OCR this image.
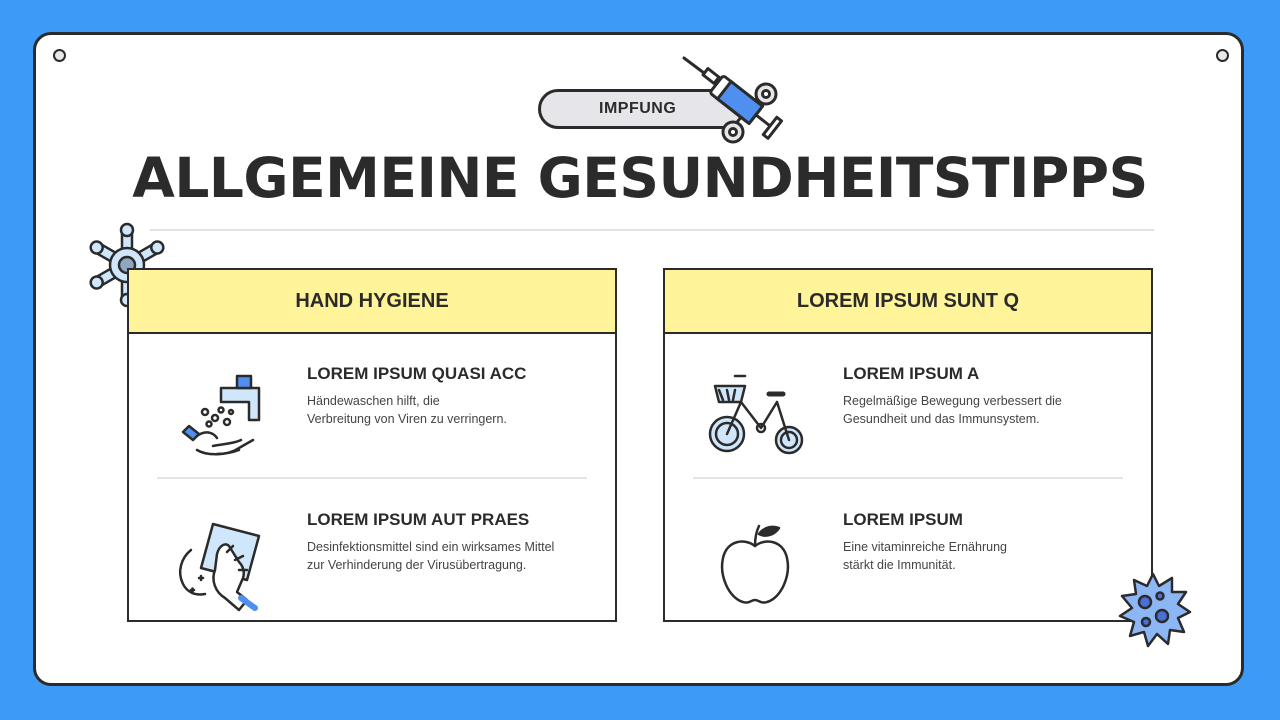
IMPFUNG
ALLGEMEINE GESUNDHEITSTIPPS
HAND HYGIENE
LOREM IPSUM QUASI ACC

Händewaschen hilft, die
Verbreitung von Viren zu verringern.

LOREM IPSUM AUT PRAES

Desinfektionsmittel sind ein wirksames Mittel
zur Verhinderung der Virusübertragung.

LOREM IPSUM SUNT Q
LOREM IPSUM A

Regelmäßige Bewegung verbessert die
Gesundheit und das Immunsystem.

LOREM IPSUM

Eine vitaminreiche Ernährung
stärkt die Immunität.
